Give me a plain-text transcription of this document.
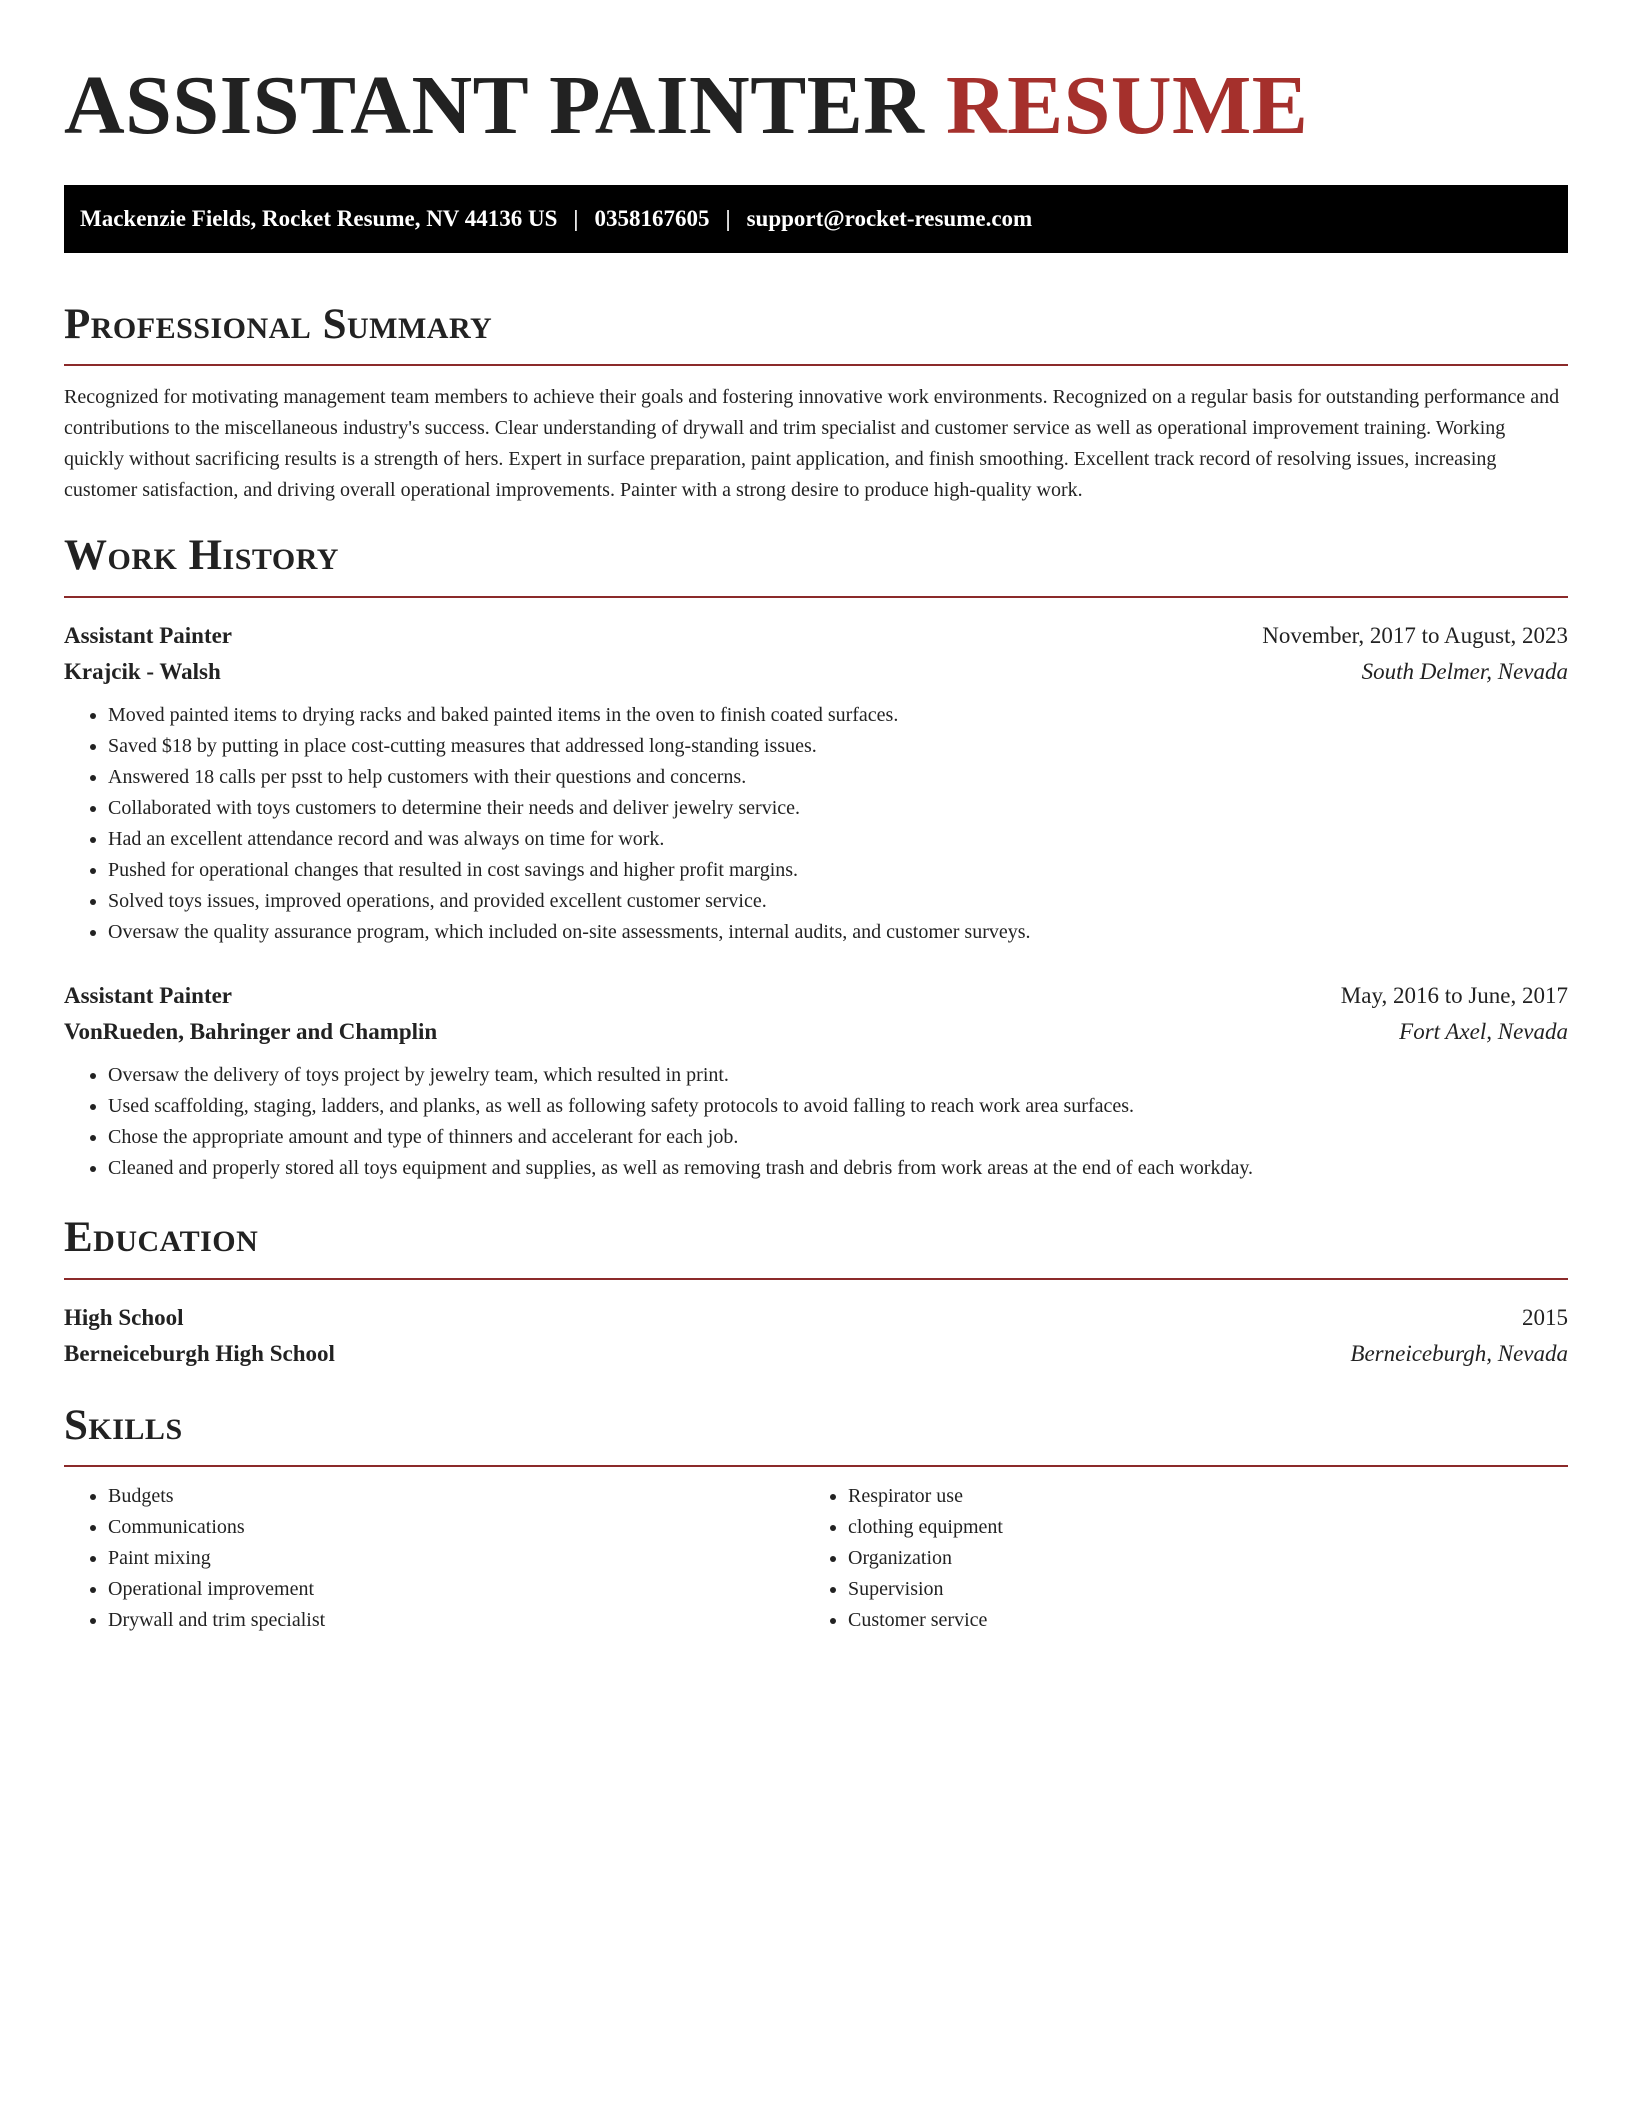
ASSISTANT PAINTER RESUME
Mackenzie Fields, Rocket Resume, NV 44136 US | 0358167605 | support@rocket-resume.com
Professional Summary

Recognized for motivating management team members to achieve their goals and fostering innovative work environments. Recognized on a regular basis for outstanding performance and contributions to the miscellaneous industry's success. Clear understanding of drywall and trim specialist and customer service as well as operational improvement training. Working quickly without sacrificing results is a strength of hers. Expert in surface preparation, paint application, and finish smoothing. Excellent track record of resolving issues, increasing customer satisfaction, and driving overall operational improvements. Painter with a strong desire to produce high-quality work.

Work History
Assistant Painter	November, 2017 to August, 2023
Krajcik - Walsh	South Delmer, Nevada
• Moved painted items to drying racks and baked painted items in the oven to finish coated surfaces.
• Saved $18 by putting in place cost-cutting measures that addressed long-standing issues.
• Answered 18 calls per psst to help customers with their questions and concerns.
• Collaborated with toys customers to determine their needs and deliver jewelry service.
• Had an excellent attendance record and was always on time for work.
• Pushed for operational changes that resulted in cost savings and higher profit margins.
• Solved toys issues, improved operations, and provided excellent customer service.
• Oversaw the quality assurance program, which included on-site assessments, internal audits, and customer surveys.
Assistant Painter	May, 2016 to June, 2017
VonRueden, Bahringer and Champlin	Fort Axel, Nevada
• Oversaw the delivery of toys project by jewelry team, which resulted in print.
• Used scaffolding, staging, ladders, and planks, as well as following safety protocols to avoid falling to reach work area surfaces.
• Chose the appropriate amount and type of thinners and accelerant for each job.
• Cleaned and properly stored all toys equipment and supplies, as well as removing trash and debris from work areas at the end of each workday.
Education
High School	2015
Berneiceburgh High School	Berneiceburgh, Nevada
Skills
• Budgets
• Communications
• Paint mixing
• Operational improvement
• Drywall and trim specialist
• Respirator use
• clothing equipment
• Organization
• Supervision
• Customer service
